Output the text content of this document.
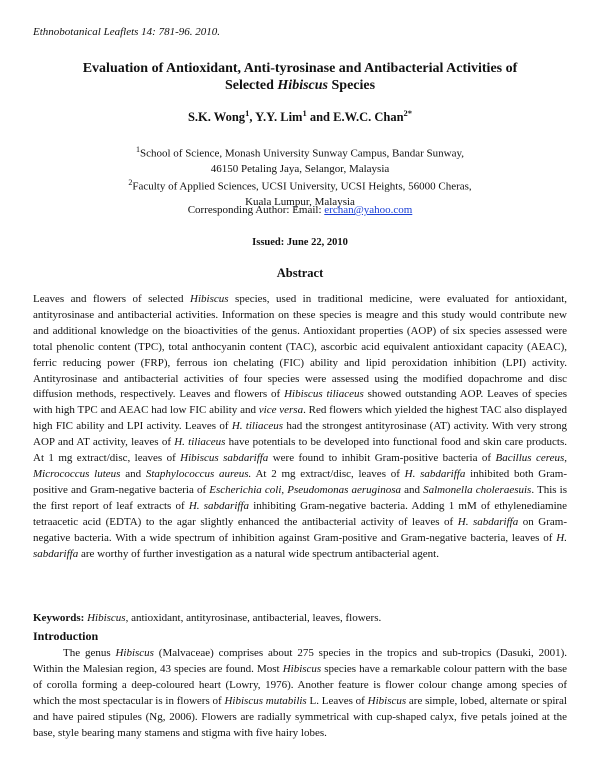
Ethnobotanical Leaflets 14: 781-96. 2010.
Evaluation of Antioxidant, Anti-tyrosinase and Antibacterial Activities of
Selected Hibiscus Species
S.K. Wong$^1$, Y.Y. Lim$^1$ and E.W.C. Chan$^{2*}$
$^1$School of Science, Monash University Sunway Campus, Bandar Sunway,
46150 Petaling Jaya, Selangor, Malaysia
$^2$Faculty of Applied Sciences, UCSI University, UCSI Heights, 56000 Cheras,
Kuala Lumpur, Malaysia
Corresponding Author: Email: erchan@yahoo.com
Issued: June 22, 2010
Abstract
Leaves and flowers of selected Hibiscus species, used in traditional medicine, were evaluated for antioxidant, antityrosinase and antibacterial activities. Information on these species is meagre and this study would contribute new and additional knowledge on the bioactivities of the genus. Antioxidant properties (AOP) of six species assessed were total phenolic content (TPC), total anthocyanin content (TAC), ascorbic acid equivalent antioxidant capacity (AEAC), ferric reducing power (FRP), ferrous ion chelating (FIC) ability and lipid peroxidation inhibition (LPI) activity. Antityrosinase and antibacterial activities of four species were assessed using the modified dopachrome and disc diffusion methods, respectively. Leaves and flowers of Hibiscus tiliaceus showed outstanding AOP. Leaves of species with high TPC and AEAC had low FIC ability and vice versa. Red flowers which yielded the highest TAC also displayed high FIC ability and LPI activity. Leaves of H. tiliaceus had the strongest antityrosinase (AT) activity. With very strong AOP and AT activity, leaves of H. tiliaceus have potentials to be developed into functional food and skin care products. At 1 mg extract/disc, leaves of Hibiscus sabdariffa were found to inhibit Gram-positive bacteria of Bacillus cereus, Micrococcus luteus and Staphylococcus aureus. At 2 mg extract/disc, leaves of H. sabdariffa inhibited both Gram-positive and Gram-negative bacteria of Escherichia coli, Pseudomonas aeruginosa and Salmonella choleraesuis. This is the first report of leaf extracts of H. sabdariffa inhibiting Gram-negative bacteria. Adding 1 mM of ethylenediamine tetraacetic acid (EDTA) to the agar slightly enhanced the antibacterial activity of leaves of H. sabdariffa on Gram-negative bacteria. With a wide spectrum of inhibition against Gram-positive and Gram-negative bacteria, leaves of H. sabdariffa are worthy of further investigation as a natural wide spectrum antibacterial agent.
Keywords: Hibiscus, antioxidant, antityrosinase, antibacterial, leaves, flowers.
Introduction
The genus Hibiscus (Malvaceae) comprises about 275 species in the tropics and sub-tropics (Dasuki, 2001). Within the Malesian region, 43 species are found. Most Hibiscus species have a remarkable colour pattern with the base of corolla forming a deep-coloured heart (Lowry, 1976). Another feature is flower colour change among species of which the most spectacular is in flowers of Hibiscus mutabilis L. Leaves of Hibiscus are simple, lobed, alternate or spiral and have paired stipules (Ng, 2006). Flowers are radially symmetrical with cup-shaped calyx, five petals joined at the base, style bearing many stamens and stigma with five hairy lobes.
